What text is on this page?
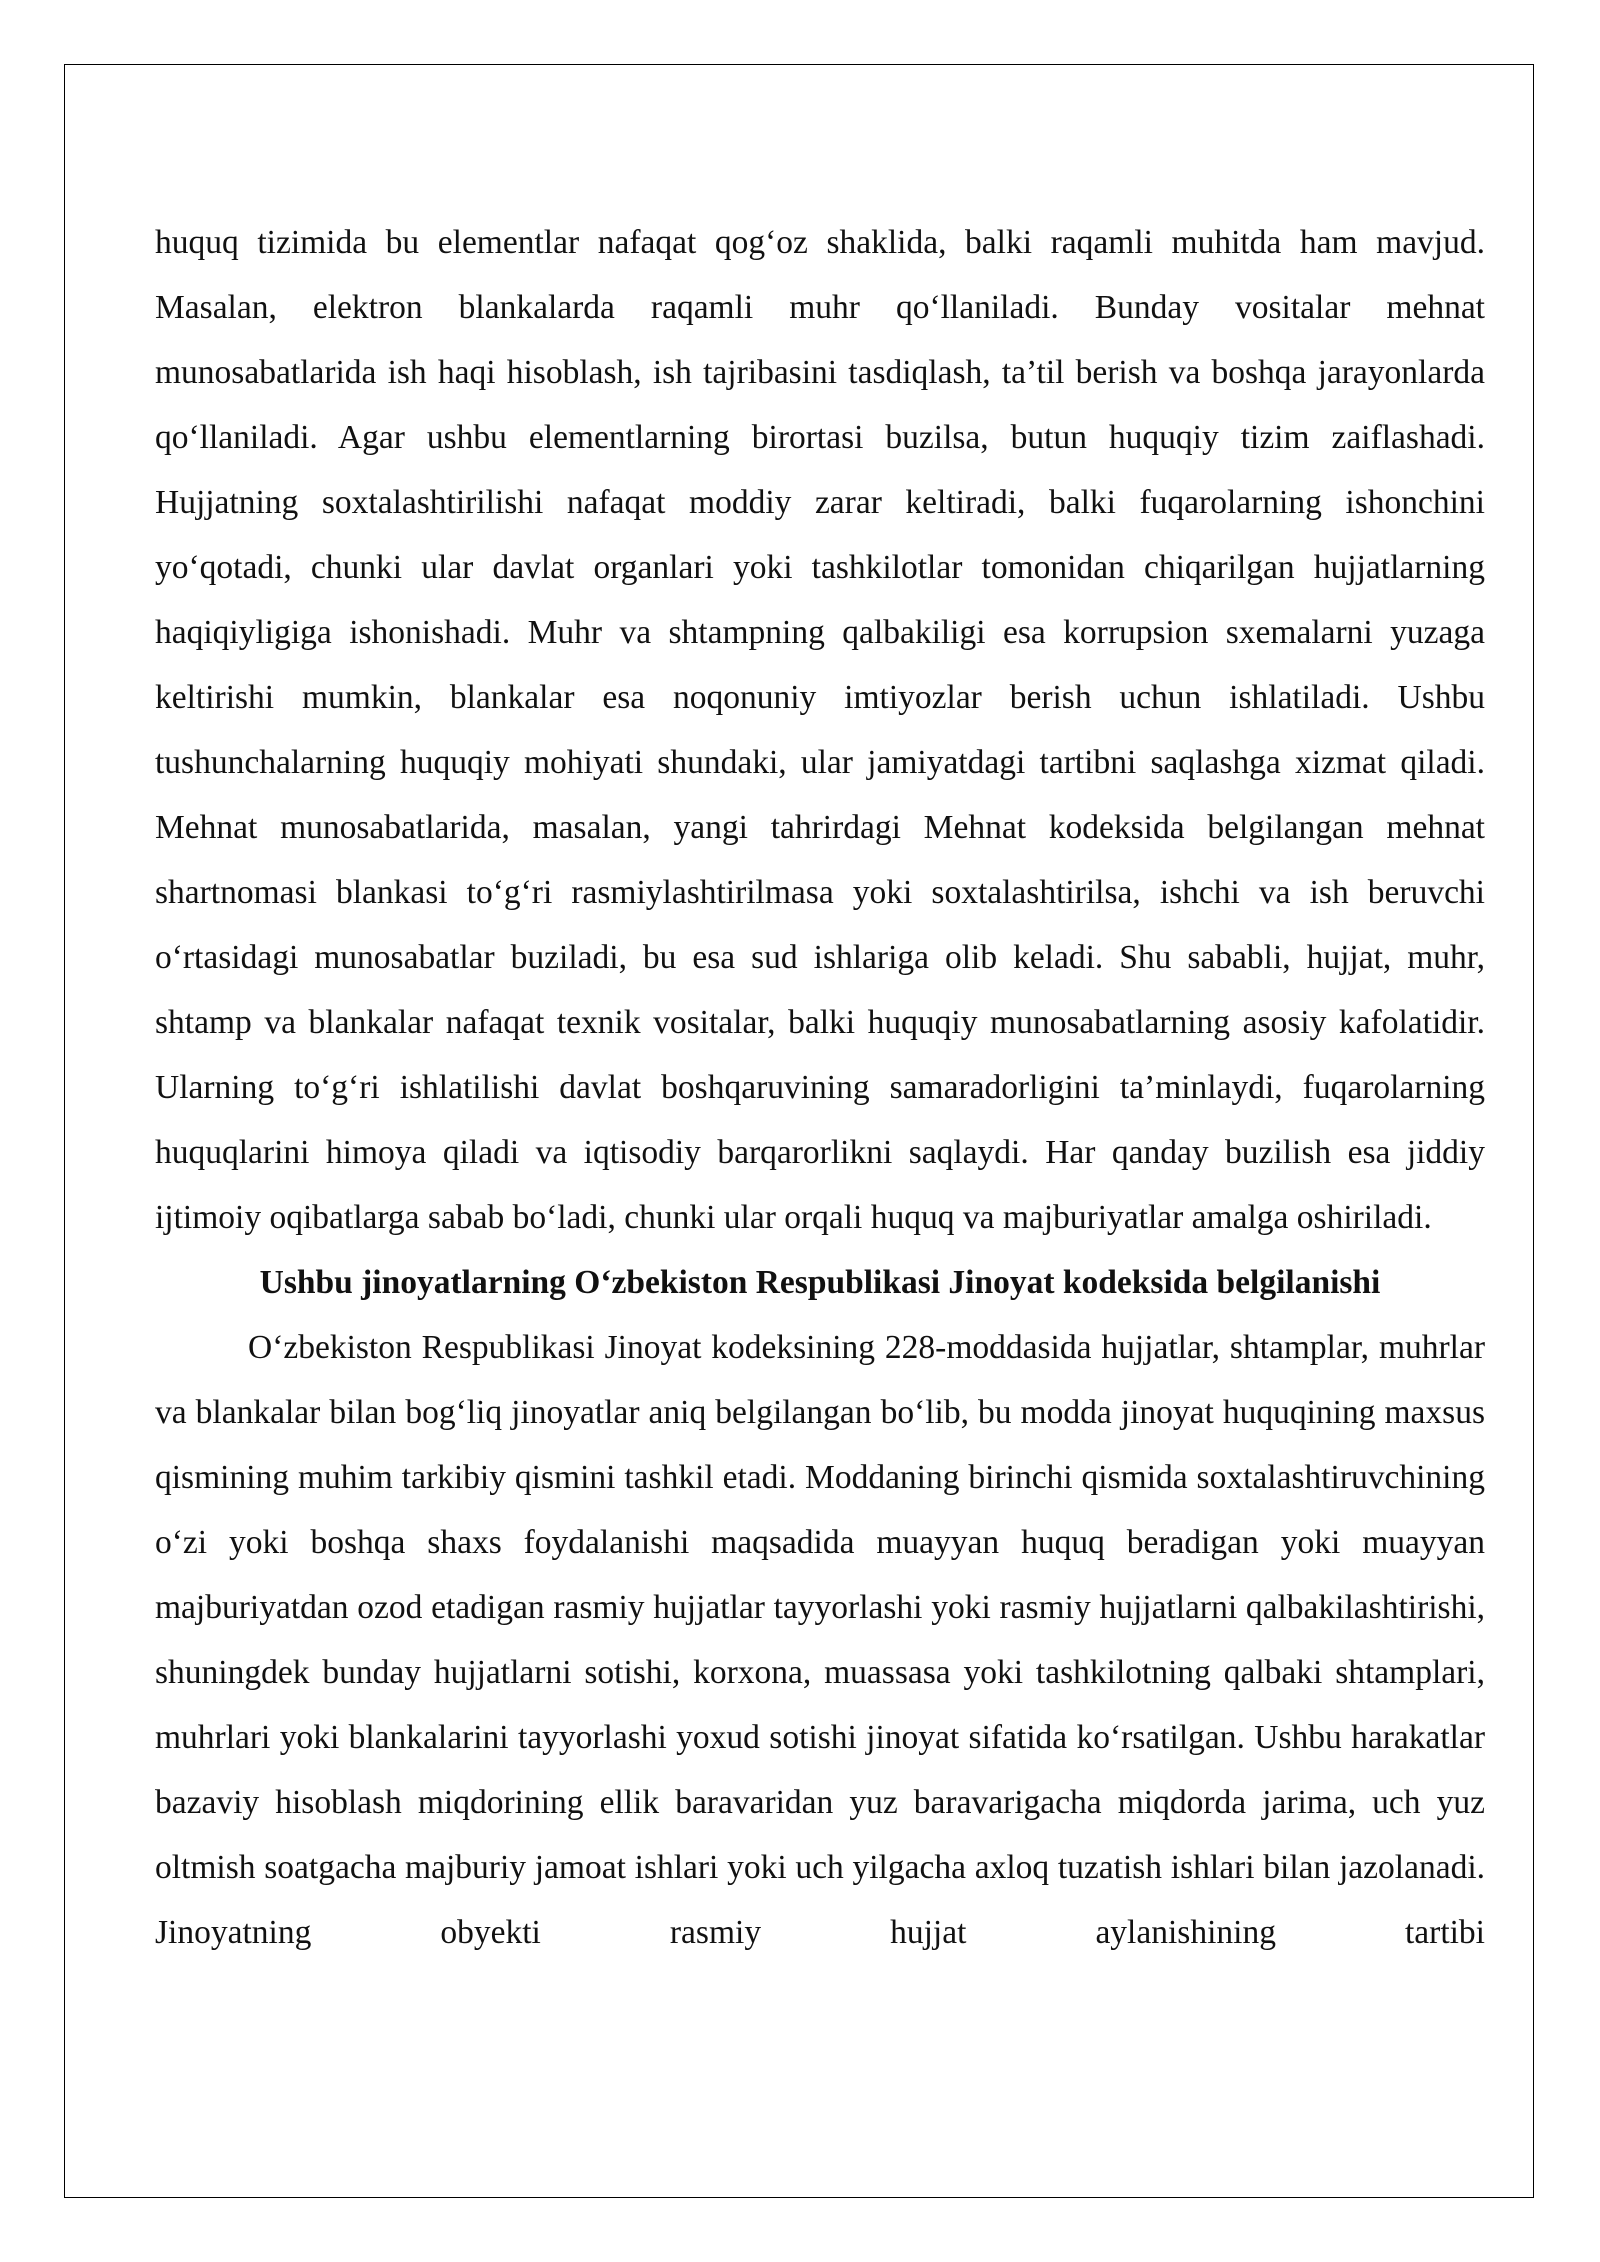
huquq tizimida bu elementlar nafaqat qog‘oz shaklida, balki raqamli muhitda ham mavjud. Masalan, elektron blankalarda raqamli muhr qo‘llaniladi. Bunday vositalar mehnat munosabatlarida ish haqi hisoblash, ish tajribasini tasdiqlash, ta’til berish va boshqa jarayonlarda qo‘llaniladi. Agar ushbu elementlarning birortasi buzilsa, butun huquqiy tizim zaiflashadi. Hujjatning soxtalashtirilishi nafaqat moddiy zarar keltiradi, balki fuqarolarning ishonchini yo‘qotadi, chunki ular davlat organlari yoki tashkilotlar tomonidan chiqarilgan hujjatlarning haqiqiyligiga ishonishadi. Muhr va shtampning qalbakiligi esa korrupsion sxemalarni yuzaga keltirishi mumkin, blankalar esa noqonuniy imtiyozlar berish uchun ishlatiladi. Ushbu tushunchalarning huquqiy mohiyati shundaki, ular jamiyatdagi tartibni saqlashga xizmat qiladi. Mehnat munosabatlarida, masalan, yangi tahrirdagi Mehnat kodeksida belgilangan mehnat shartnomasi blankasi to‘g‘ri rasmiylashtirilmasa yoki soxtalashtirilsa, ishchi va ish beruvchi o‘rtasidagi munosabatlar buziladi, bu esa sud ishlariga olib keladi. Shu sababli, hujjat, muhr, shtamp va blankalar nafaqat texnik vositalar, balki huquqiy munosabatlarning asosiy kafolatidir. Ularning to‘g‘ri ishlatilishi davlat boshqaruvining samaradorligini ta’minlaydi, fuqarolarning huquqlarini himoya qiladi va iqtisodiy barqarorlikni saqlaydi. Har qanday buzilish esa jiddiy ijtimoiy oqibatlarga sabab bo‘ladi, chunki ular orqali huquq va majburiyatlar amalga oshiriladi.

Ushbu jinoyatlarning O‘zbekiston Respublikasi Jinoyat kodeksida belgilanishi

O‘zbekiston Respublikasi Jinoyat kodeksining 228-moddasida hujjatlar, shtamplar, muhrlar va blankalar bilan bog‘liq jinoyatlar aniq belgilangan bo‘lib, bu modda jinoyat huquqining maxsus qismining muhim tarkibiy qismini tashkil etadi. Moddaning birinchi qismida soxtalashtiruvchining o‘zi yoki boshqa shaxs foydalanishi maqsadida muayyan huquq beradigan yoki muayyan majburiyatdan ozod etadigan rasmiy hujjatlar tayyorlashi yoki rasmiy hujjatlarni qalbakilashtirishi, shuningdek bunday hujjatlarni sotishi, korxona, muassasa yoki tashkilotning qalbaki shtamplari, muhrlari yoki blankalarini tayyorlashi yoxud sotishi jinoyat sifatida ko‘rsatilgan. Ushbu harakatlar bazaviy hisoblash miqdorining ellik baravaridan yuz baravarigacha miqdorda jarima, uch yuz oltmish soatgacha majburiy jamoat ishlari yoki uch yilgacha axloq tuzatish ishlari bilan jazolanadi. Jinoyatning obyekti rasmiy hujjat aylanishining tartibi
